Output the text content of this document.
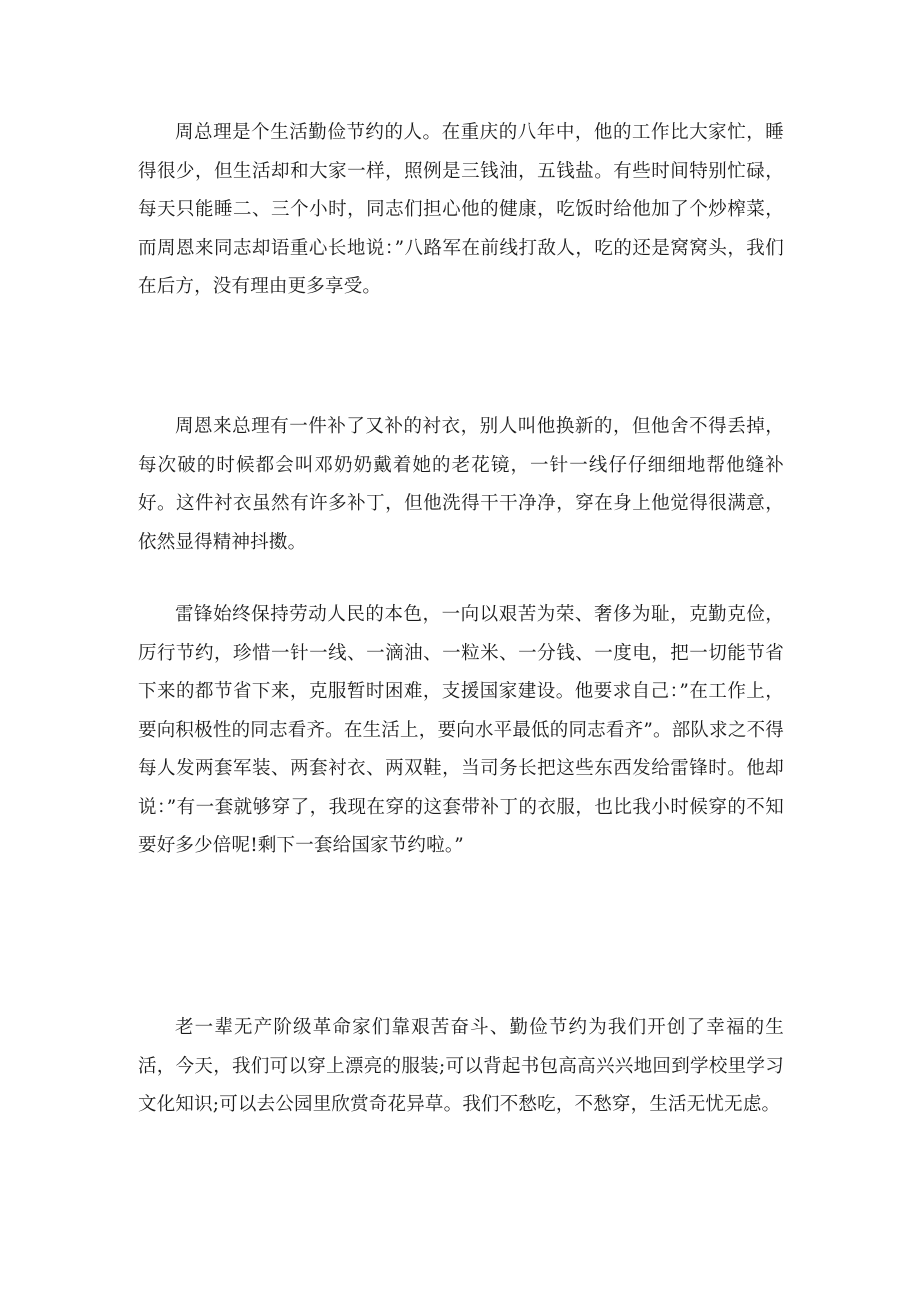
周总理是个生活勤俭节约的人。在重庆的八年中，他的工作比大家忙，睡得很少，但生活却和大家一样，照例是三钱油，五钱盐。有些时间特别忙碌，每天只能睡二、三个小时，同志们担心他的健康，吃饭时给他加了个炒榨菜，而周恩来同志却语重心长地说：”八路军在前线打敌人，吃的还是窝窝头，我们在后方，没有理由更多享受。

周恩来总理有一件补了又补的衬衣，别人叫他换新的，但他舍不得丢掉，每次破的时候都会叫邓奶奶戴着她的老花镜，一针一线仔仔细细地帮他缝补好。这件衬衣虽然有许多补丁，但他洗得干干净净，穿在身上他觉得很满意，依然显得精神抖擞。

雷锋始终保持劳动人民的本色，一向以艰苦为荣、奢侈为耻，克勤克俭，厉行节约，珍惜一针一线、一滴油、一粒米、一分钱、一度电，把一切能节省下来的都节省下来，克服暂时困难，支援国家建设。他要求自己：”在工作上，要向积极性的同志看齐。在生活上，要向水平最低的同志看齐”。部队求之不得每人发两套军装、两套衬衣、两双鞋，当司务长把这些东西发给雷锋时。他却说：”有一套就够穿了，我现在穿的这套带补丁的衣服，也比我小时候穿的不知要好多少倍呢!剩下一套给国家节约啦。”

老一辈无产阶级革命家们靠艰苦奋斗、勤俭节约为我们开创了幸福的生活，今天，我们可以穿上漂亮的服装;可以背起书包高高兴兴地回到学校里学习文化知识;可以去公园里欣赏奇花异草。我们不愁吃，不愁穿，生活无忧无虑。
